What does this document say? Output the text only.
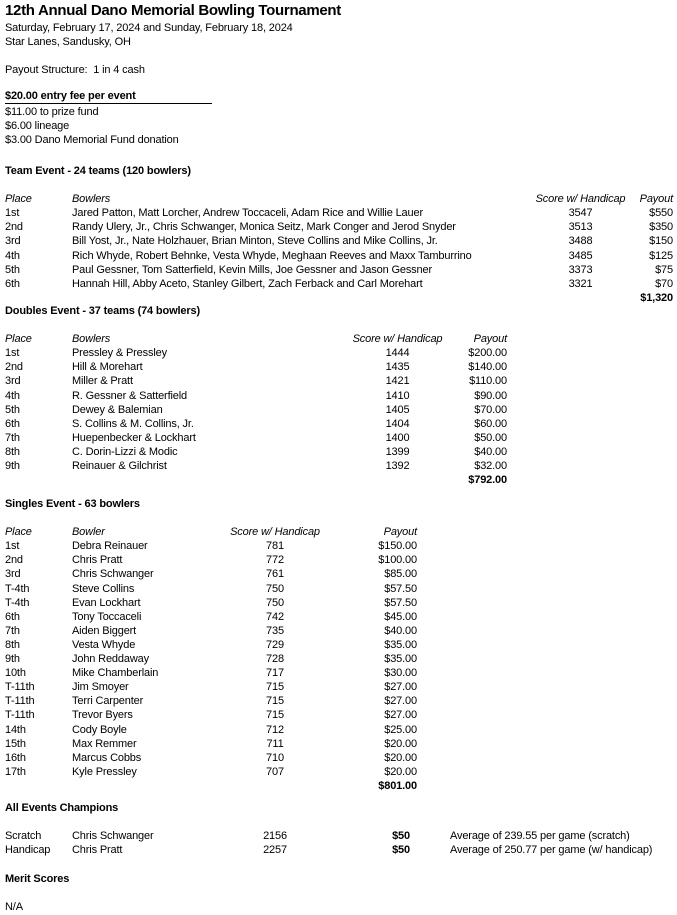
12th Annual Dano Memorial Bowling Tournament
Saturday, February 17, 2024 and Sunday, February 18, 2024
Star Lanes, Sandusky, OH
Payout Structure:  1 in 4 cash
$20.00 entry fee per event
$11.00 to prize fund
$6.00 lineage
$3.00 Dano Memorial Fund donation
Team Event - 24 teams (120 bowlers)
Place	Bowlers	Score w/ Handicap	Payout
1st	Jared Patton, Matt Lorcher, Andrew Toccaceli, Adam Rice and Willie Lauer	3547	$550
2nd	Randy Ulery, Jr., Chris Schwanger, Monica Seitz, Mark Conger and Jerod Snyder	3513	$350
3rd	Bill Yost, Jr., Nate Holzhauer, Brian Minton, Steve Collins and Mike Collins, Jr.	3488	$150
4th	Rich Whyde, Robert Behnke, Vesta Whyde, Meghaan Reeves and Maxx Tamburrino	3485	$125
5th	Paul Gessner, Tom Satterfield, Kevin Mills, Joe Gessner and Jason Gessner	3373	$75
6th	Hannah Hill, Abby Aceto, Stanley Gilbert, Zach Ferback and Carl Morehart	3321	$70
			$1,320
Doubles Event - 37 teams (74 bowlers)
Place	Bowlers	Score w/ Handicap	Payout
1st	Pressley & Pressley	1444	$200.00
2nd	Hill & Morehart	1435	$140.00
3rd	Miller & Pratt	1421	$110.00
4th	R. Gessner & Satterfield	1410	$90.00
5th	Dewey & Balemian	1405	$70.00
6th	S. Collins & M. Collins, Jr.	1404	$60.00
7th	Huepenbecker & Lockhart	1400	$50.00
8th	C. Dorin-Lizzi & Modic	1399	$40.00
9th	Reinauer & Gilchrist	1392	$32.00
			$792.00
Singles Event - 63 bowlers
Place	Bowler	Score w/ Handicap	Payout
1st	Debra Reinauer	781	$150.00
2nd	Chris Pratt	772	$100.00
3rd	Chris Schwanger	761	$85.00
T-4th	Steve Collins	750	$57.50
T-4th	Evan Lockhart	750	$57.50
6th	Tony Toccaceli	742	$45.00
7th	Aiden Biggert	735	$40.00
8th	Vesta Whyde	729	$35.00
9th	John Reddaway	728	$35.00
10th	Mike Chamberlain	717	$30.00
T-11th	Jim Smoyer	715	$27.00
T-11th	Terri Carpenter	715	$27.00
T-11th	Trevor Byers	715	$27.00
14th	Cody Boyle	712	$25.00
15th	Max Remmer	711	$20.00
16th	Marcus Cobbs	710	$20.00
17th	Kyle Pressley	707	$20.00
			$801.00
All Events Champions
Scratch	Chris Schwanger	2156	$50	Average of 239.55 per game (scratch)
Handicap	Chris Pratt	2257	$50	Average of 250.77 per game (w/ handicap)
Merit Scores
N/A
